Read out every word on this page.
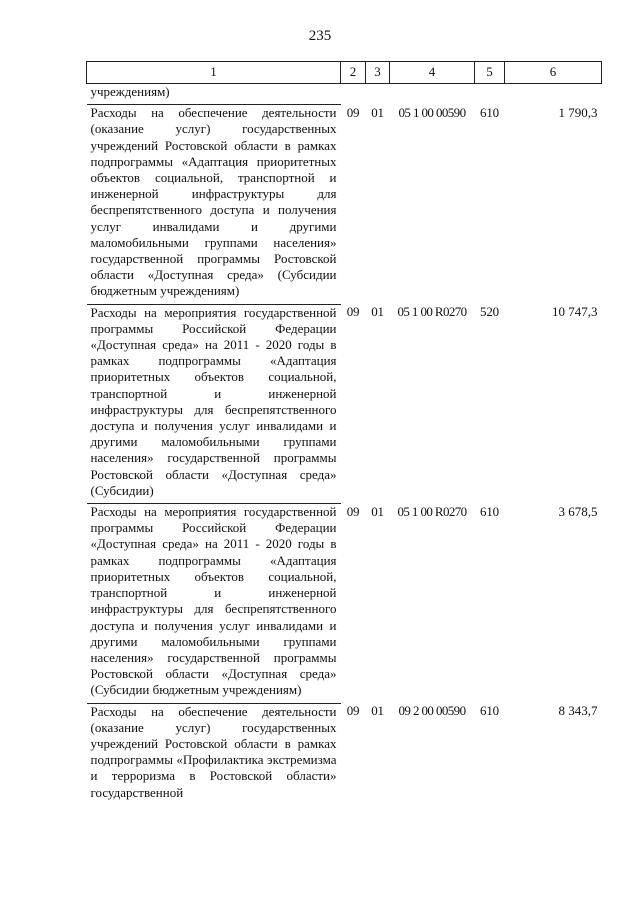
235
1	2	3	4	5	6
учреждениям)					
Расходы на обеспечение деятельности (оказание услуг) государственных учреждений Ростовской области в рамках подпрограммы «Адаптация приоритетных объектов социальной, транспортной и инженерной инфраструктуры для беспрепятственного доступа и получения услуг инвалидами и другими маломобильными группами населения» государственной программы Ростовской области «Доступная среда» (Субсидии бюджетным учреждениям)	09	01	05 1 00 00590	610	1 790,3
Расходы на мероприятия государственной программы Российской Федерации «Доступная среда» на 2011 - 2020 годы в рамках подпрограммы «Адаптация приоритетных объектов социальной, транспортной и инженерной инфраструктуры для беспрепятственного доступа и получения услуг инвалидами и другими маломобильными группами населения» государственной программы Ростовской области «Доступная среда» (Субсидии)	09	01	05 1 00 R0270	520	10 747,3
Расходы на мероприятия государственной программы Российской Федерации «Доступная среда» на 2011 - 2020 годы в рамках подпрограммы «Адаптация приоритетных объектов социальной, транспортной и инженерной инфраструктуры для беспрепятственного доступа и получения услуг инвалидами и другими маломобильными группами населения» государственной программы Ростовской области «Доступная среда» (Субсидии бюджетным учреждениям)	09	01	05 1 00 R0270	610	3 678,5
Расходы на обеспечение деятельности (оказание услуг) государственных учреждений Ростовской области в рамках подпрограммы «Профилактика экстремизма и терроризма в Ростовской области» государственной	09	01	09 2 00 00590	610	8 343,7
